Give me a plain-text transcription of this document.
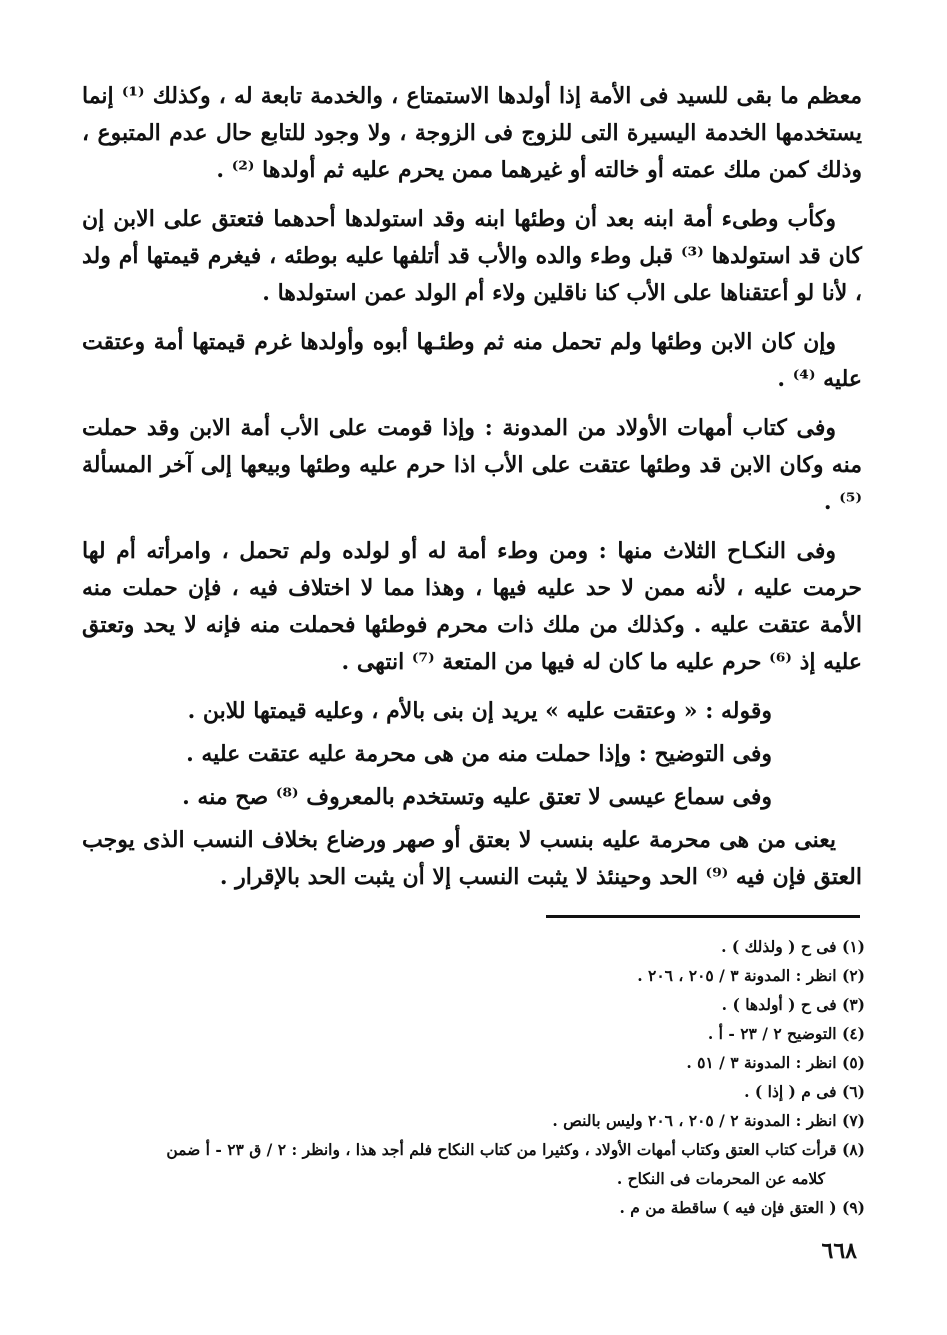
معظم ما بقى للسيد فى الأمة إذا أولدها الاستمتاع ، والخدمة تابعة له ، وكذلك ⁽¹⁾ إنما يستخدمها الخدمة اليسيرة التى للزوج فى الزوجة ، ولا وجود للتابع حال عدم المتبوع ، وذلك كمن ملك عمته أو خالته أو غيرهما ممن يحرم عليه ثم أولدها ⁽²⁾ .

وكأب وطىء أمة ابنه بعد أن وطئها ابنه وقد استولدها أحدهما فتعتق على الابن إن كان قد استولدها ⁽³⁾ قبل وطء والده والأب قد أتلفها عليه بوطئه ، فيغرم قيمتها أم ولد ، لأنا لو أعتقناها على الأب كنا ناقلين ولاء أم الولد عمن استولدها .

وإن كان الابن وطئها ولم تحمل منه ثم وطئـها أبوه وأولدها غرم قيمتها أمة وعتقت عليه ⁽⁴⁾ .

وفى كتاب أمهات الأولاد من المدونة : وإذا قومت على الأب أمة الابن وقد حملت منه وكان الابن قد وطئها عتقت على الأب اذا حرم عليه وطئها وبيعها إلى آخر المسألة ⁽⁵⁾ .

وفى النكـاح الثلاث منها : ومن وطء أمة له أو لولده ولم تحمل ، وامرأته أم لها حرمت عليه ، لأنه ممن لا حد عليه فيها ، وهذا مما لا اختلاف فيه ، فإن حملت منه الأمة عتقت عليه . وكذلك من ملك ذات محرم فوطئها فحملت منه فإنه لا يحد وتعتق عليه إذ ⁽⁶⁾ حرم عليه ما كان له فيها من المتعة ⁽⁷⁾ انتهى .

وقوله : « وعتقت عليه » يريد إن بنى بالأم ، وعليه قيمتها للابن .

وفى التوضيح : وإذا حملت منه من هى محرمة عليه عتقت عليه .

وفى سماع عيسى لا تعتق عليه وتستخدم بالمعروف ⁽⁸⁾ صح منه .

يعنى من هى محرمة عليه بنسب لا بعتق أو صهر ورضاع بخلاف النسب الذى يوجب العتق فإن فيه ⁽⁹⁾ الحد وحينئذ لا يثبت النسب إلا أن يثبت الحد بالإقرار .

(١) فى ح ( ولذلك ) .

(٢) انظر : المدونة ٣ / ٢٠٥ ، ٢٠٦ .

(٣) فى ح ( أولدها ) .

(٤) التوضيح ٢ / ٢٣ - أ .

(٥) انظر : المدونة ٣ / ٥١ .

(٦) فى م ( إذا ) .

(٧) انظر : المدونة ٢ / ٢٠٥ ، ٢٠٦ وليس بالنص .

(٨) قرأت كتاب العتق وكتاب أمهات الأولاد ، وكثيرا من كتاب النكاح فلم أجد هذا ، وانظر : ٢ / ق ٢٣ - أ ضمن

كلامه عن المحرمات فى النكاح .

(٩) ( العتق فإن فيه ) ساقطة من م .

٦٦٨
